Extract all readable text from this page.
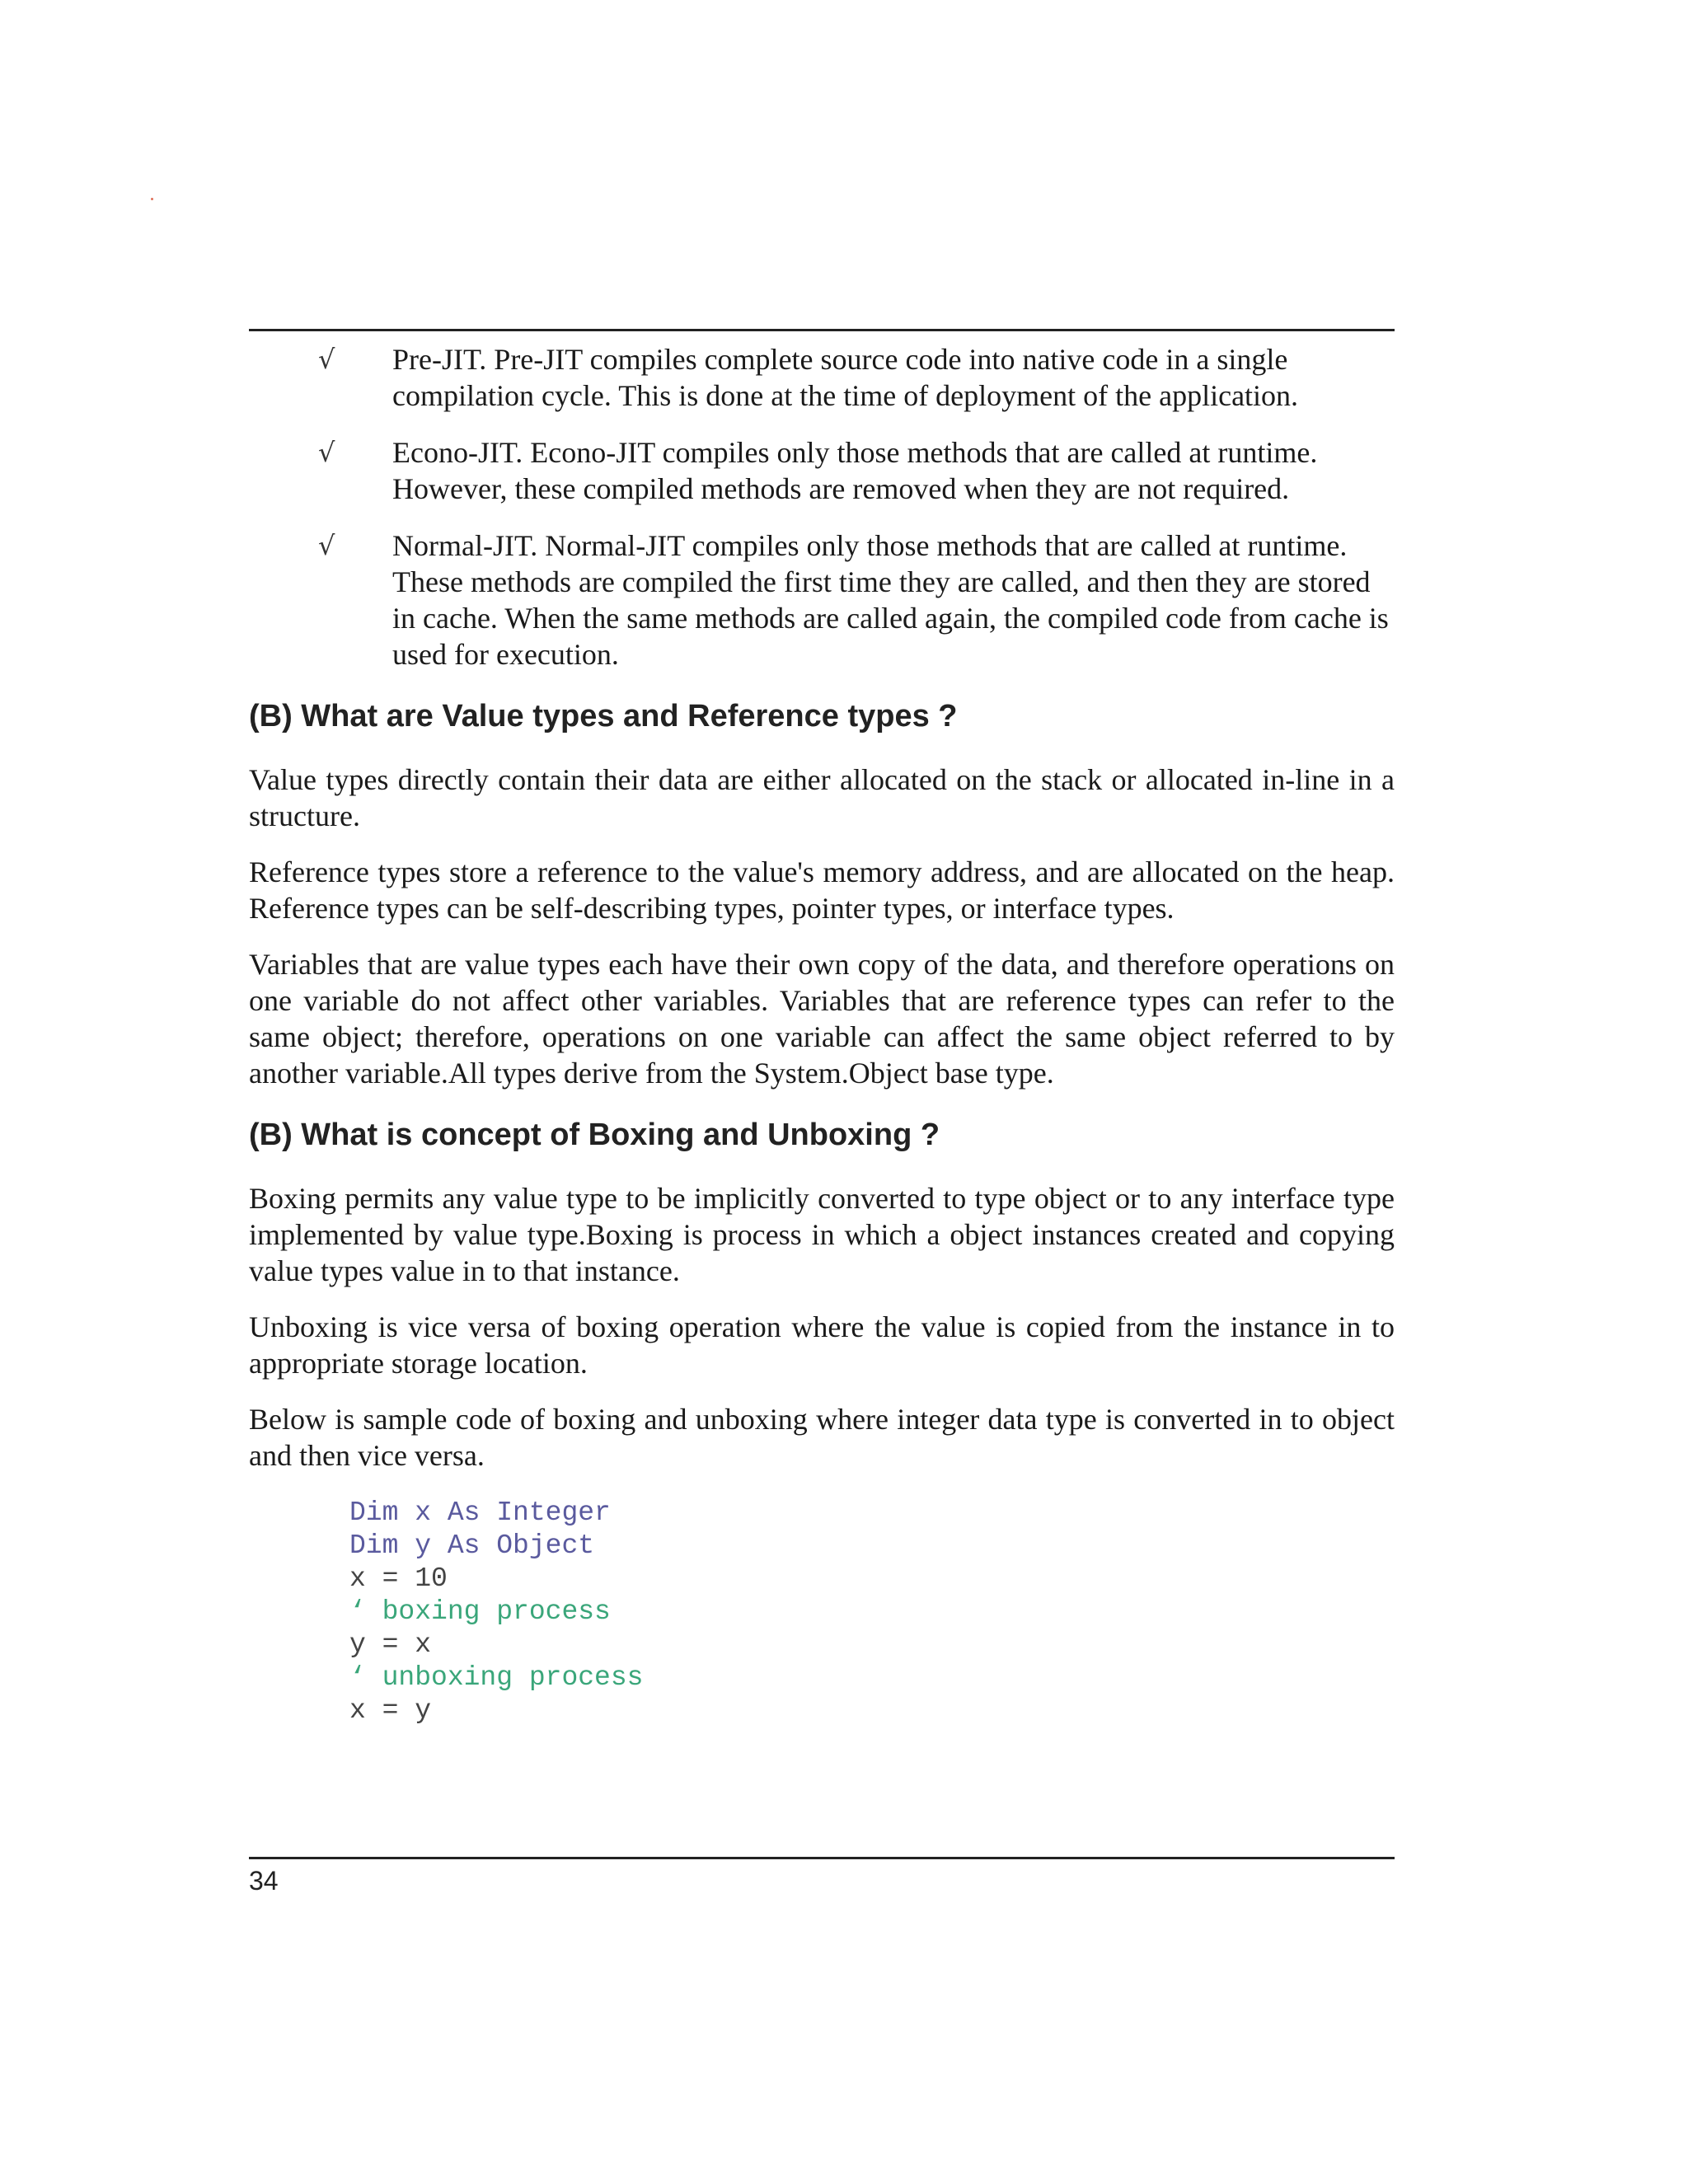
√ Pre-JIT. Pre-JIT compiles complete source code into native code in a single compilation cycle. This is done at the time of deployment of the application.
√ Econo-JIT. Econo-JIT compiles only those methods that are called at runtime. However, these compiled methods are removed when they are not required.
√ Normal-JIT. Normal-JIT compiles only those methods that are called at runtime. These methods are compiled the first time they are called, and then they are stored in cache. When the same methods are called again, the compiled code from cache is used for execution.
(B) What are Value types and Reference types ?

Value types directly contain their data are either allocated on the stack or allocated in-line in a structure.

Reference types store a reference to the value's memory address, and are allocated on the heap. Reference types can be self-describing types, pointer types, or interface types.

Variables that are value types each have their own copy of the data, and therefore operations on one variable do not affect other variables. Variables that are reference types can refer to the same object; therefore, operations on one variable can affect the same object referred to by another variable.All types derive from the System.Object base type.

(B) What is concept of Boxing and Unboxing ?

Boxing permits any value type to be implicitly converted to type object or to any interface type implemented by value type.Boxing is process in which a object instances created and copying value types value in to that instance.

Unboxing is vice versa of boxing operation where the value is copied from the instance in to appropriate storage location.

Below is sample code of boxing and unboxing where integer data type is converted in to object and then vice versa.

Dim x As Integer
Dim y As Object
x = 10
‘ boxing process
y = x
‘ unboxing process
x = y
34
